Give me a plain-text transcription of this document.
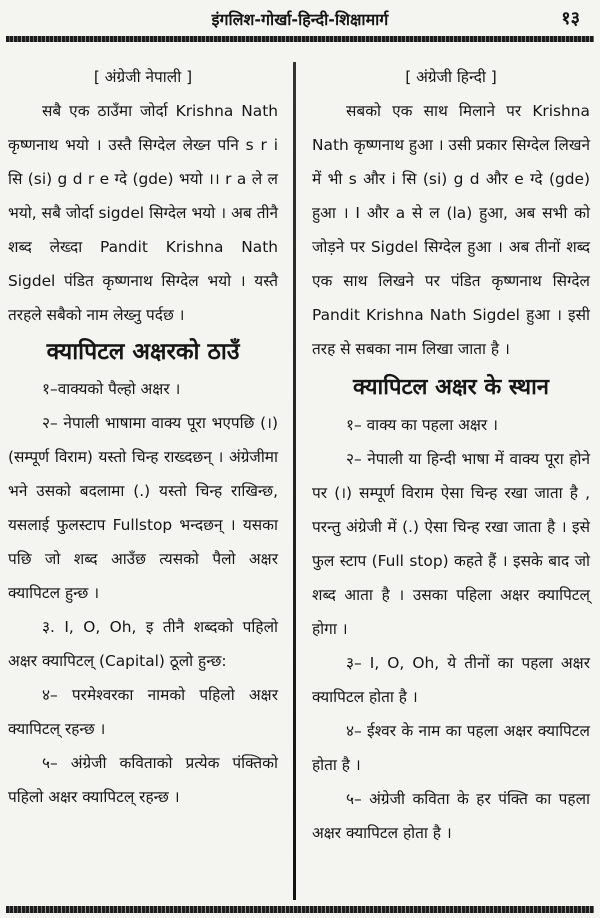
इंगलिश-गोर्खा-हिन्दी-शिक्षामार्ग	१३

[ अंग्रेजी नेपाली ]

सबै एक ठाउँमा जोर्दा Krishna Nath कृष्णनाथ भयो । उस्तै सिग्देल लेख्न पनि s r i सि (si) g d r e ग्दे (gde) भयो ।। r a ले ल भयो, सबै जोर्दा sigdel सिग्देल भयो । अब तीनै शब्द लेख्दा Pandit Krishna Nath Sigdel पंडित कृष्णनाथ सिग्देल भयो । यस्तै तरहले सबैको नाम लेख्नु पर्दछ ।

क्यापिटल अक्षरको ठाउँ

१–वाक्यको पैल्हो अक्षर ।

२– नेपाली भाषामा वाक्य पूरा भएपछि (।) (सम्पूर्ण विराम) यस्तो चिन्ह राख्दछन् । अंग्रेजीमा भने उसको बदलामा (.) यस्तो चिन्ह राखिन्छ, यसलाई फुलस्टाप Fullstop भन्दछन् । यसका पछि जो शब्द आउँछ त्यसको पैलो अक्षर क्यापिटल हुन्छ ।

३. I, O, Oh, इ तीनै शब्दको पहिलो अक्षर क्यापिटल् (Capital) ठूलो हुन्छ:

४– परमेश्वरका नामको पहिलो अक्षर क्यापिटल् रहन्छ ।

५– अंग्रेजी कविताको प्रत्येक पंक्तिको पहिलो अक्षर क्यापिटल् रहन्छ ।

[ अंग्रेजी हिन्दी ]

सबको एक साथ मिलाने पर Krishna Nath कृष्णनाथ हुआ । उसी प्रकार सिग्देल लिखने में भी s और i सि (si) g d और e ग्दे (gde) हुआ । I और a से ल (la) हुआ, अब सभी को जोड़ने पर Sigdel सिग्देल हुआ । अब तीनों शब्द एक साथ लिखने पर पंडित कृष्णनाथ सिग्देल Pandit Krishna Nath Sigdel हुआ । इसी तरह से सबका नाम लिखा जाता है ।

क्यापिटल अक्षर के स्थान

१– वाक्य का पहला अक्षर ।

२– नेपाली या हिन्दी भाषा में वाक्य पूरा होने पर (।) सम्पूर्ण विराम ऐसा चिन्ह रखा जाता है , परन्तु अंग्रेजी में (.) ऐसा चिन्ह रखा जाता है । इसे फुल स्टाप (Full stop) कहते हैं । इसके बाद जो शब्द आता है । उसका पहिला अक्षर क्यापिटल् होगा ।

३– I, O, Oh, ये तीनों का पहला अक्षर क्यापिटल होता है ।

४– ईश्वर के नाम का पहला अक्षर क्यापिटल होता है ।

५– अंग्रेजी कविता के हर पंक्ति का पहला अक्षर क्यापिटल होता है ।
